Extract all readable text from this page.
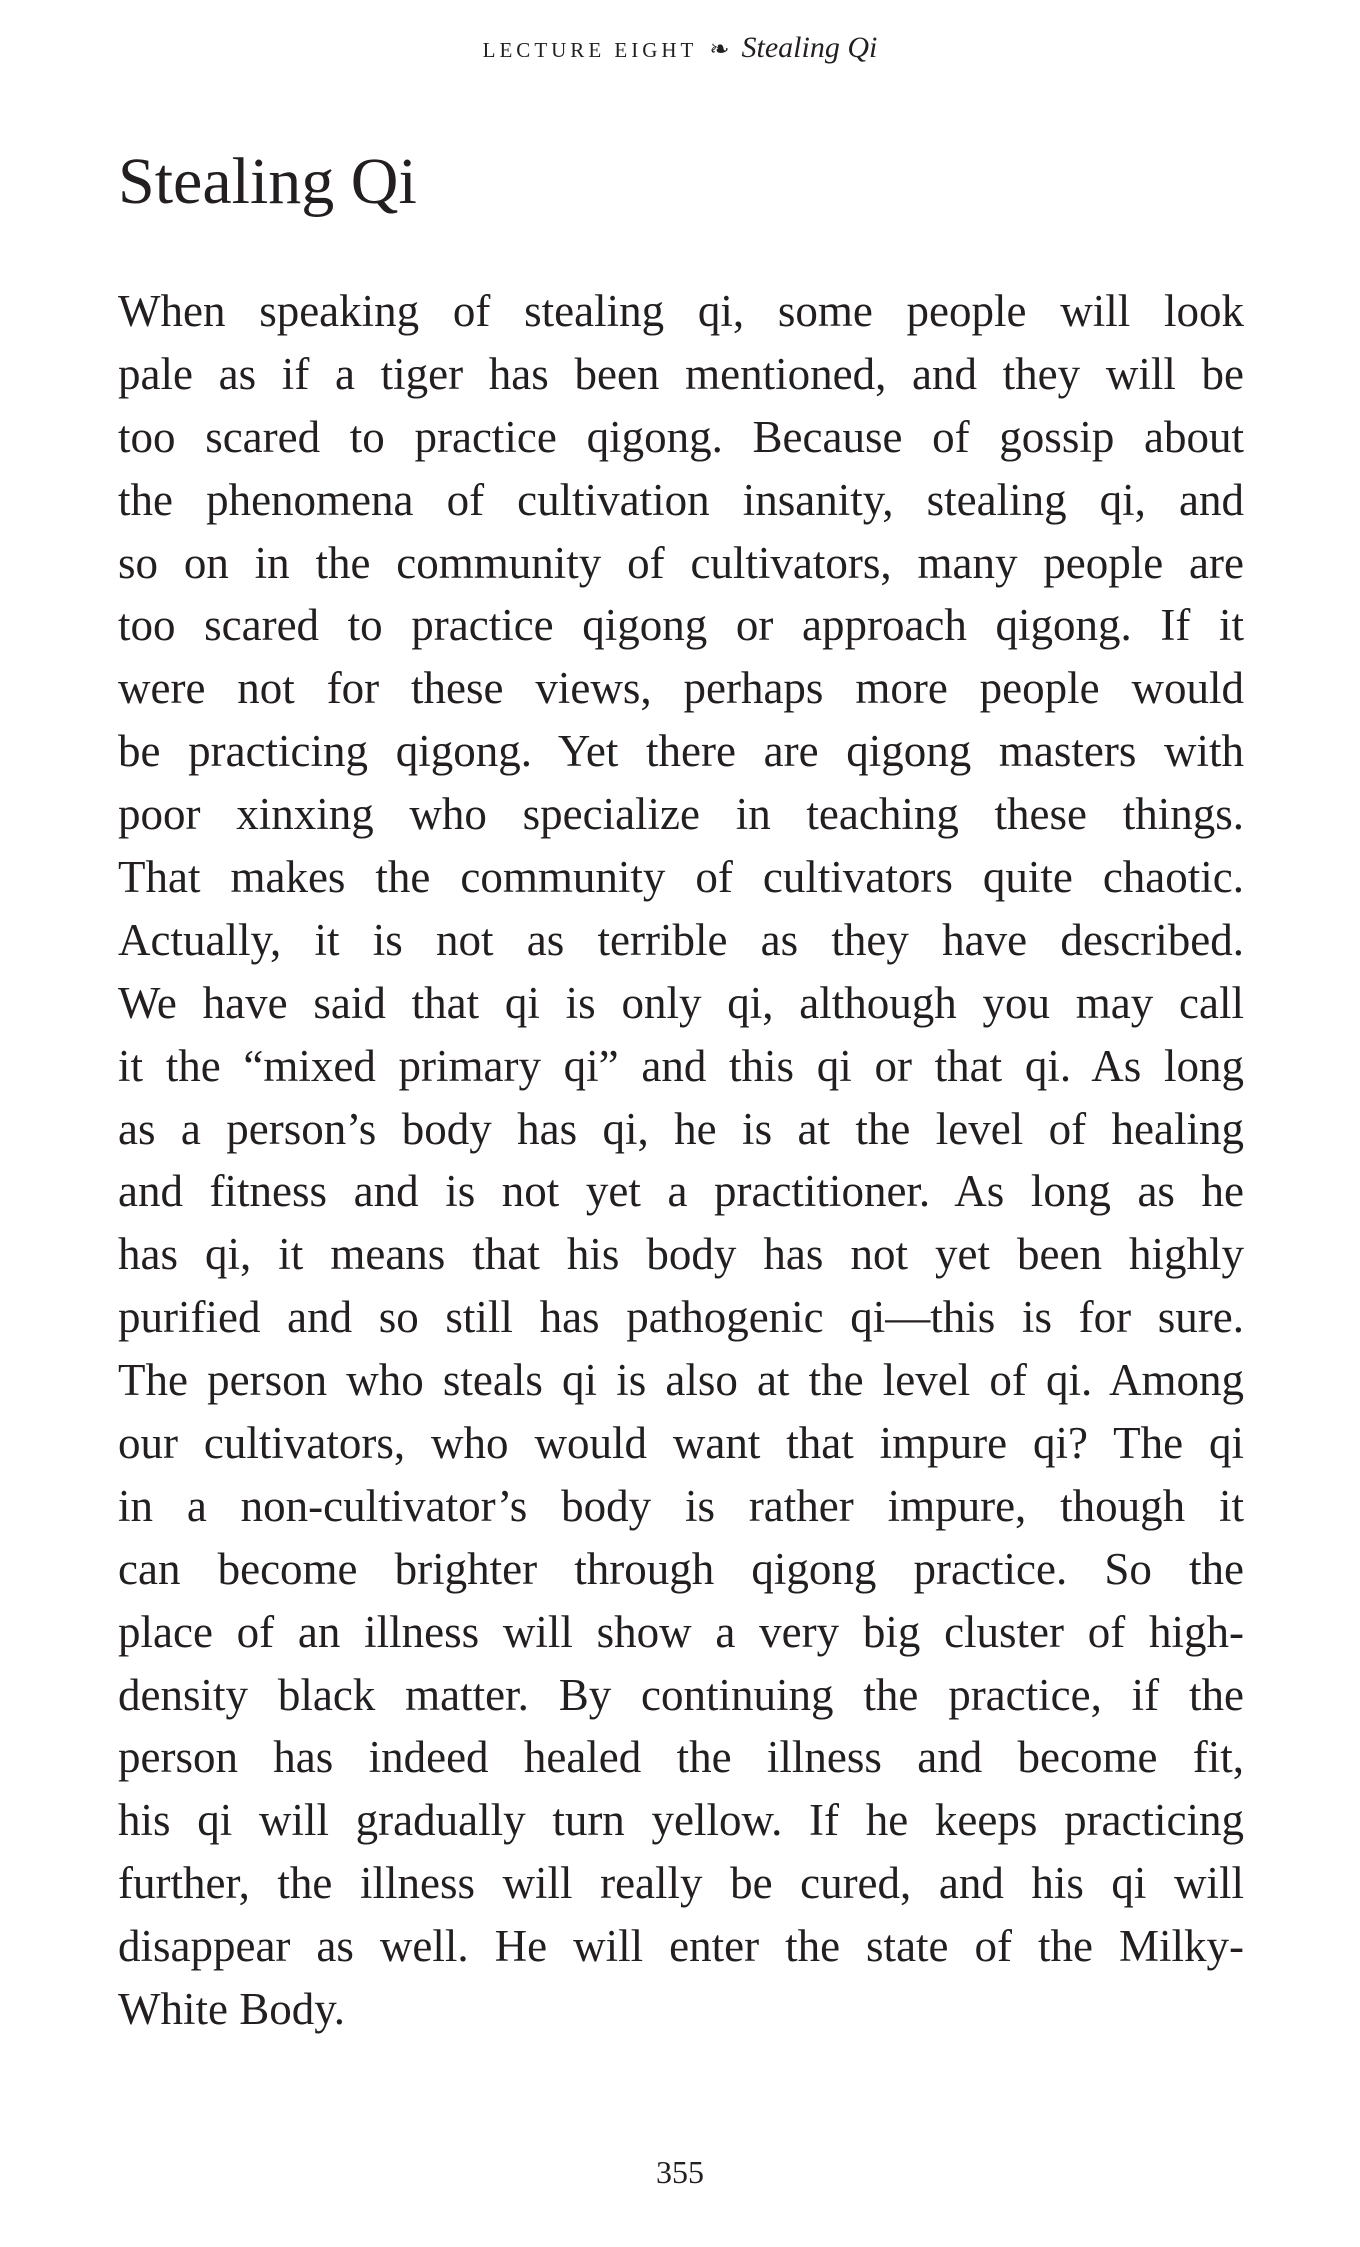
LECTURE EIGHT ❧ Stealing Qi
Stealing Qi
When speaking of stealing qi, some people will look
pale as if a tiger has been mentioned, and they will be
too scared to practice qigong. Because of gossip about
the phenomena of cultivation insanity, stealing qi, and
so on in the community of cultivators, many people are
too scared to practice qigong or approach qigong. If it
were not for these views, perhaps more people would
be practicing qigong. Yet there are qigong masters with
poor xinxing who specialize in teaching these things.
That makes the community of cultivators quite chaotic.
Actually, it is not as terrible as they have described.
We have said that qi is only qi, although you may call
it the “mixed primary qi” and this qi or that qi. As long
as a person’s body has qi, he is at the level of healing
and fitness and is not yet a practitioner. As long as he
has qi, it means that his body has not yet been highly
purified and so still has pathogenic qi—this is for sure.
The person who steals qi is also at the level of qi. Among
our cultivators, who would want that impure qi? The qi
in a non-cultivator’s body is rather impure, though it
can become brighter through qigong practice. So the
place of an illness will show a very big cluster of high-
density black matter. By continuing the practice, if the
person has indeed healed the illness and become fit,
his qi will gradually turn yellow. If he keeps practicing
further, the illness will really be cured, and his qi will
disappear as well. He will enter the state of the Milky-
White Body.
355
